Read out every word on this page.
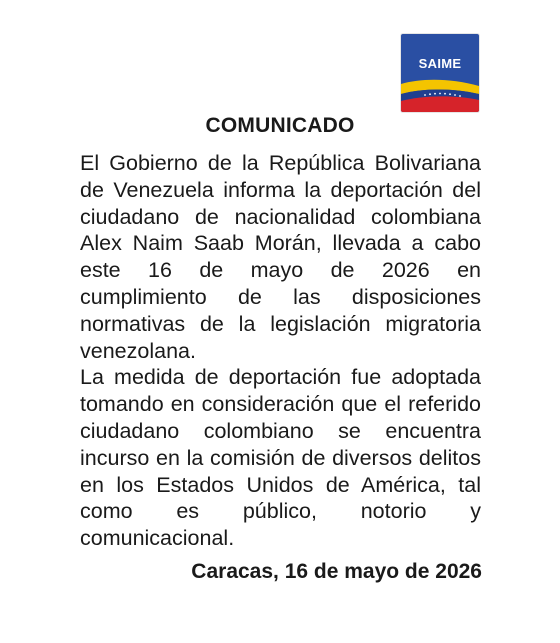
SAIME
COMUNICADO

El Gobierno de la República Bolivariana de Venezuela informa la deportación del ciudadano de nacionalidad colombiana Alex Naim Saab Morán, llevada a cabo este 16 de mayo de 2026 en cumplimiento de las disposiciones normativas de la legislación migratoria venezolana.

La medida de deportación fue adoptada tomando en consideración que el referido ciudadano colombiano se encuentra incurso en la comisión de diversos delitos en los Estados Unidos de América, tal como es público, notorio y comunicacional.

Caracas, 16 de mayo de 2026
